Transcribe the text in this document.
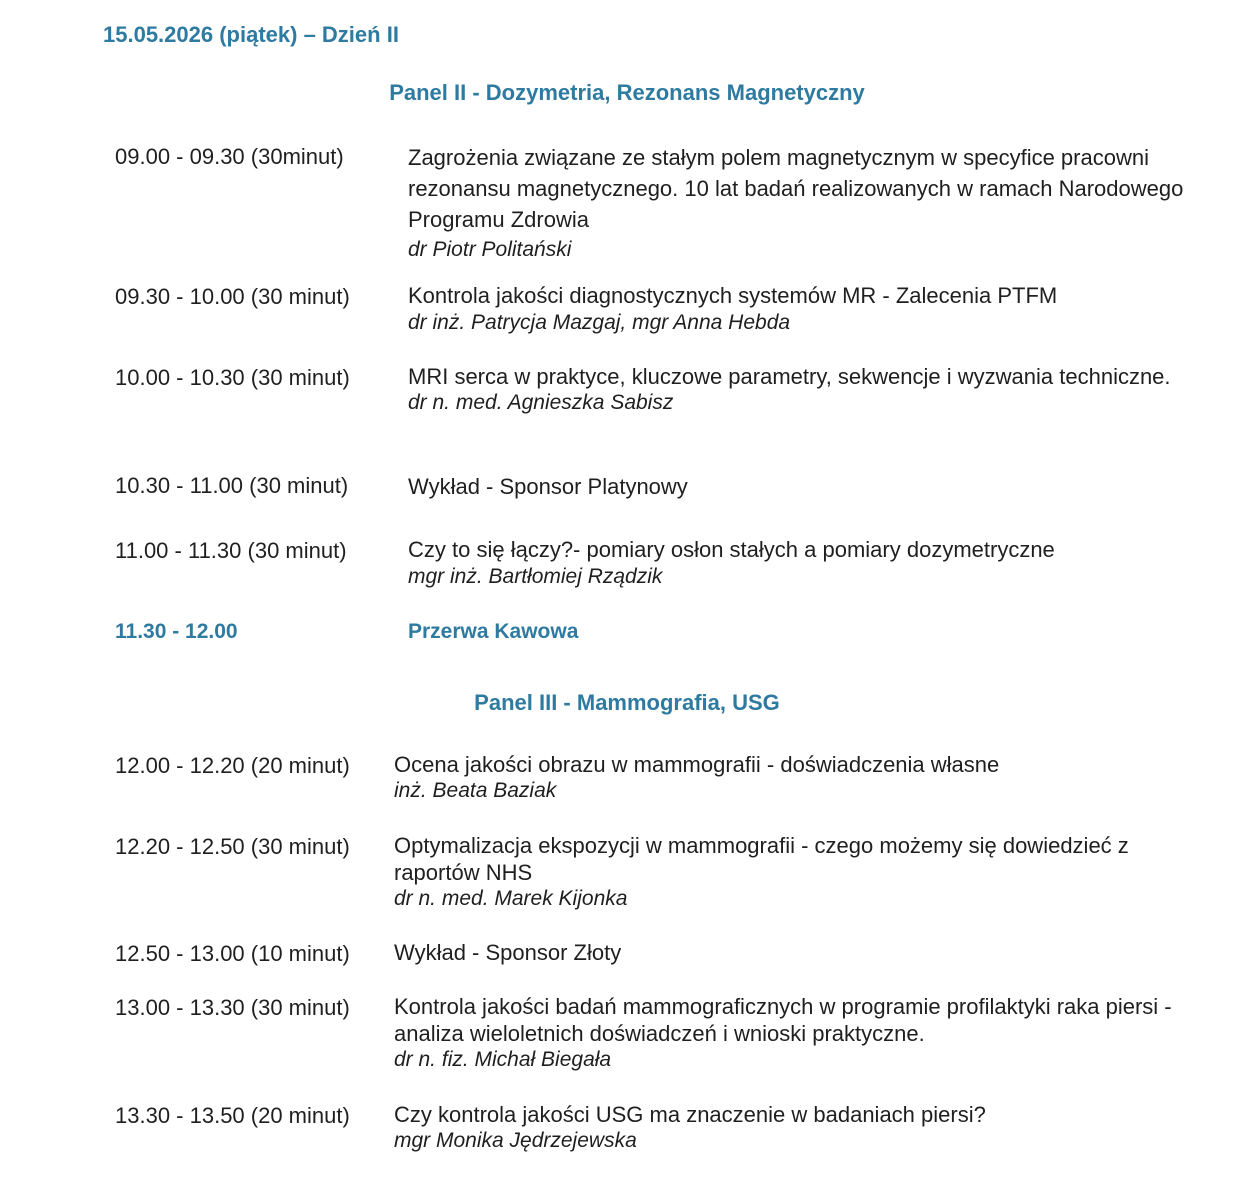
15.05.2026 (piątek) – Dzień II
Panel II - Dozymetria, Rezonans Magnetyczny
09.00 - 09.30 (30minut)	Zagrożenia związane ze stałym polem magnetycznym w specyfice pracowni rezonansu magnetycznego. 10 lat badań realizowanych w ramach Narodowego Programu Zdrowia
dr Piotr Politański
09.30 - 10.00 (30 minut)	Kontrola jakości diagnostycznych systemów MR - Zalecenia PTFM
dr inż. Patrycja Mazgaj, mgr Anna Hebda
10.00 - 10.30 (30 minut)	MRI serca w praktyce, kluczowe parametry, sekwencje i wyzwania techniczne.
dr n. med. Agnieszka Sabisz
10.30 - 11.00 (30 minut)	Wykład - Sponsor Platynowy
11.00 - 11.30 (30 minut)	Czy to się łączy?- pomiary osłon stałych a pomiary dozymetryczne
mgr inż. Bartłomiej Rządzik
11.30 - 12.00	Przerwa Kawowa
Panel III - Mammografia, USG
12.00 - 12.20 (20 minut) Ocena jakości obrazu w mammografii - doświadczenia własne
inż. Beata Baziak
12.20 - 12.50 (30 minut) Optymalizacja ekspozycji w mammografii - czego możemy się dowiedzieć z raportów NHS
dr n. med. Marek Kijonka
12.50 - 13.00 (10 minut) Wykład - Sponsor Złoty
13.00 - 13.30 (30 minut) Kontrola jakości badań mammograficznych w programie profilaktyki raka piersi - analiza wieloletnich doświadczeń i wnioski praktyczne.
dr n. fiz. Michał Biegała
13.30 - 13.50 (20 minut) Czy kontrola jakości USG ma znaczenie w badaniach piersi?
mgr Monika Jędrzejewska
